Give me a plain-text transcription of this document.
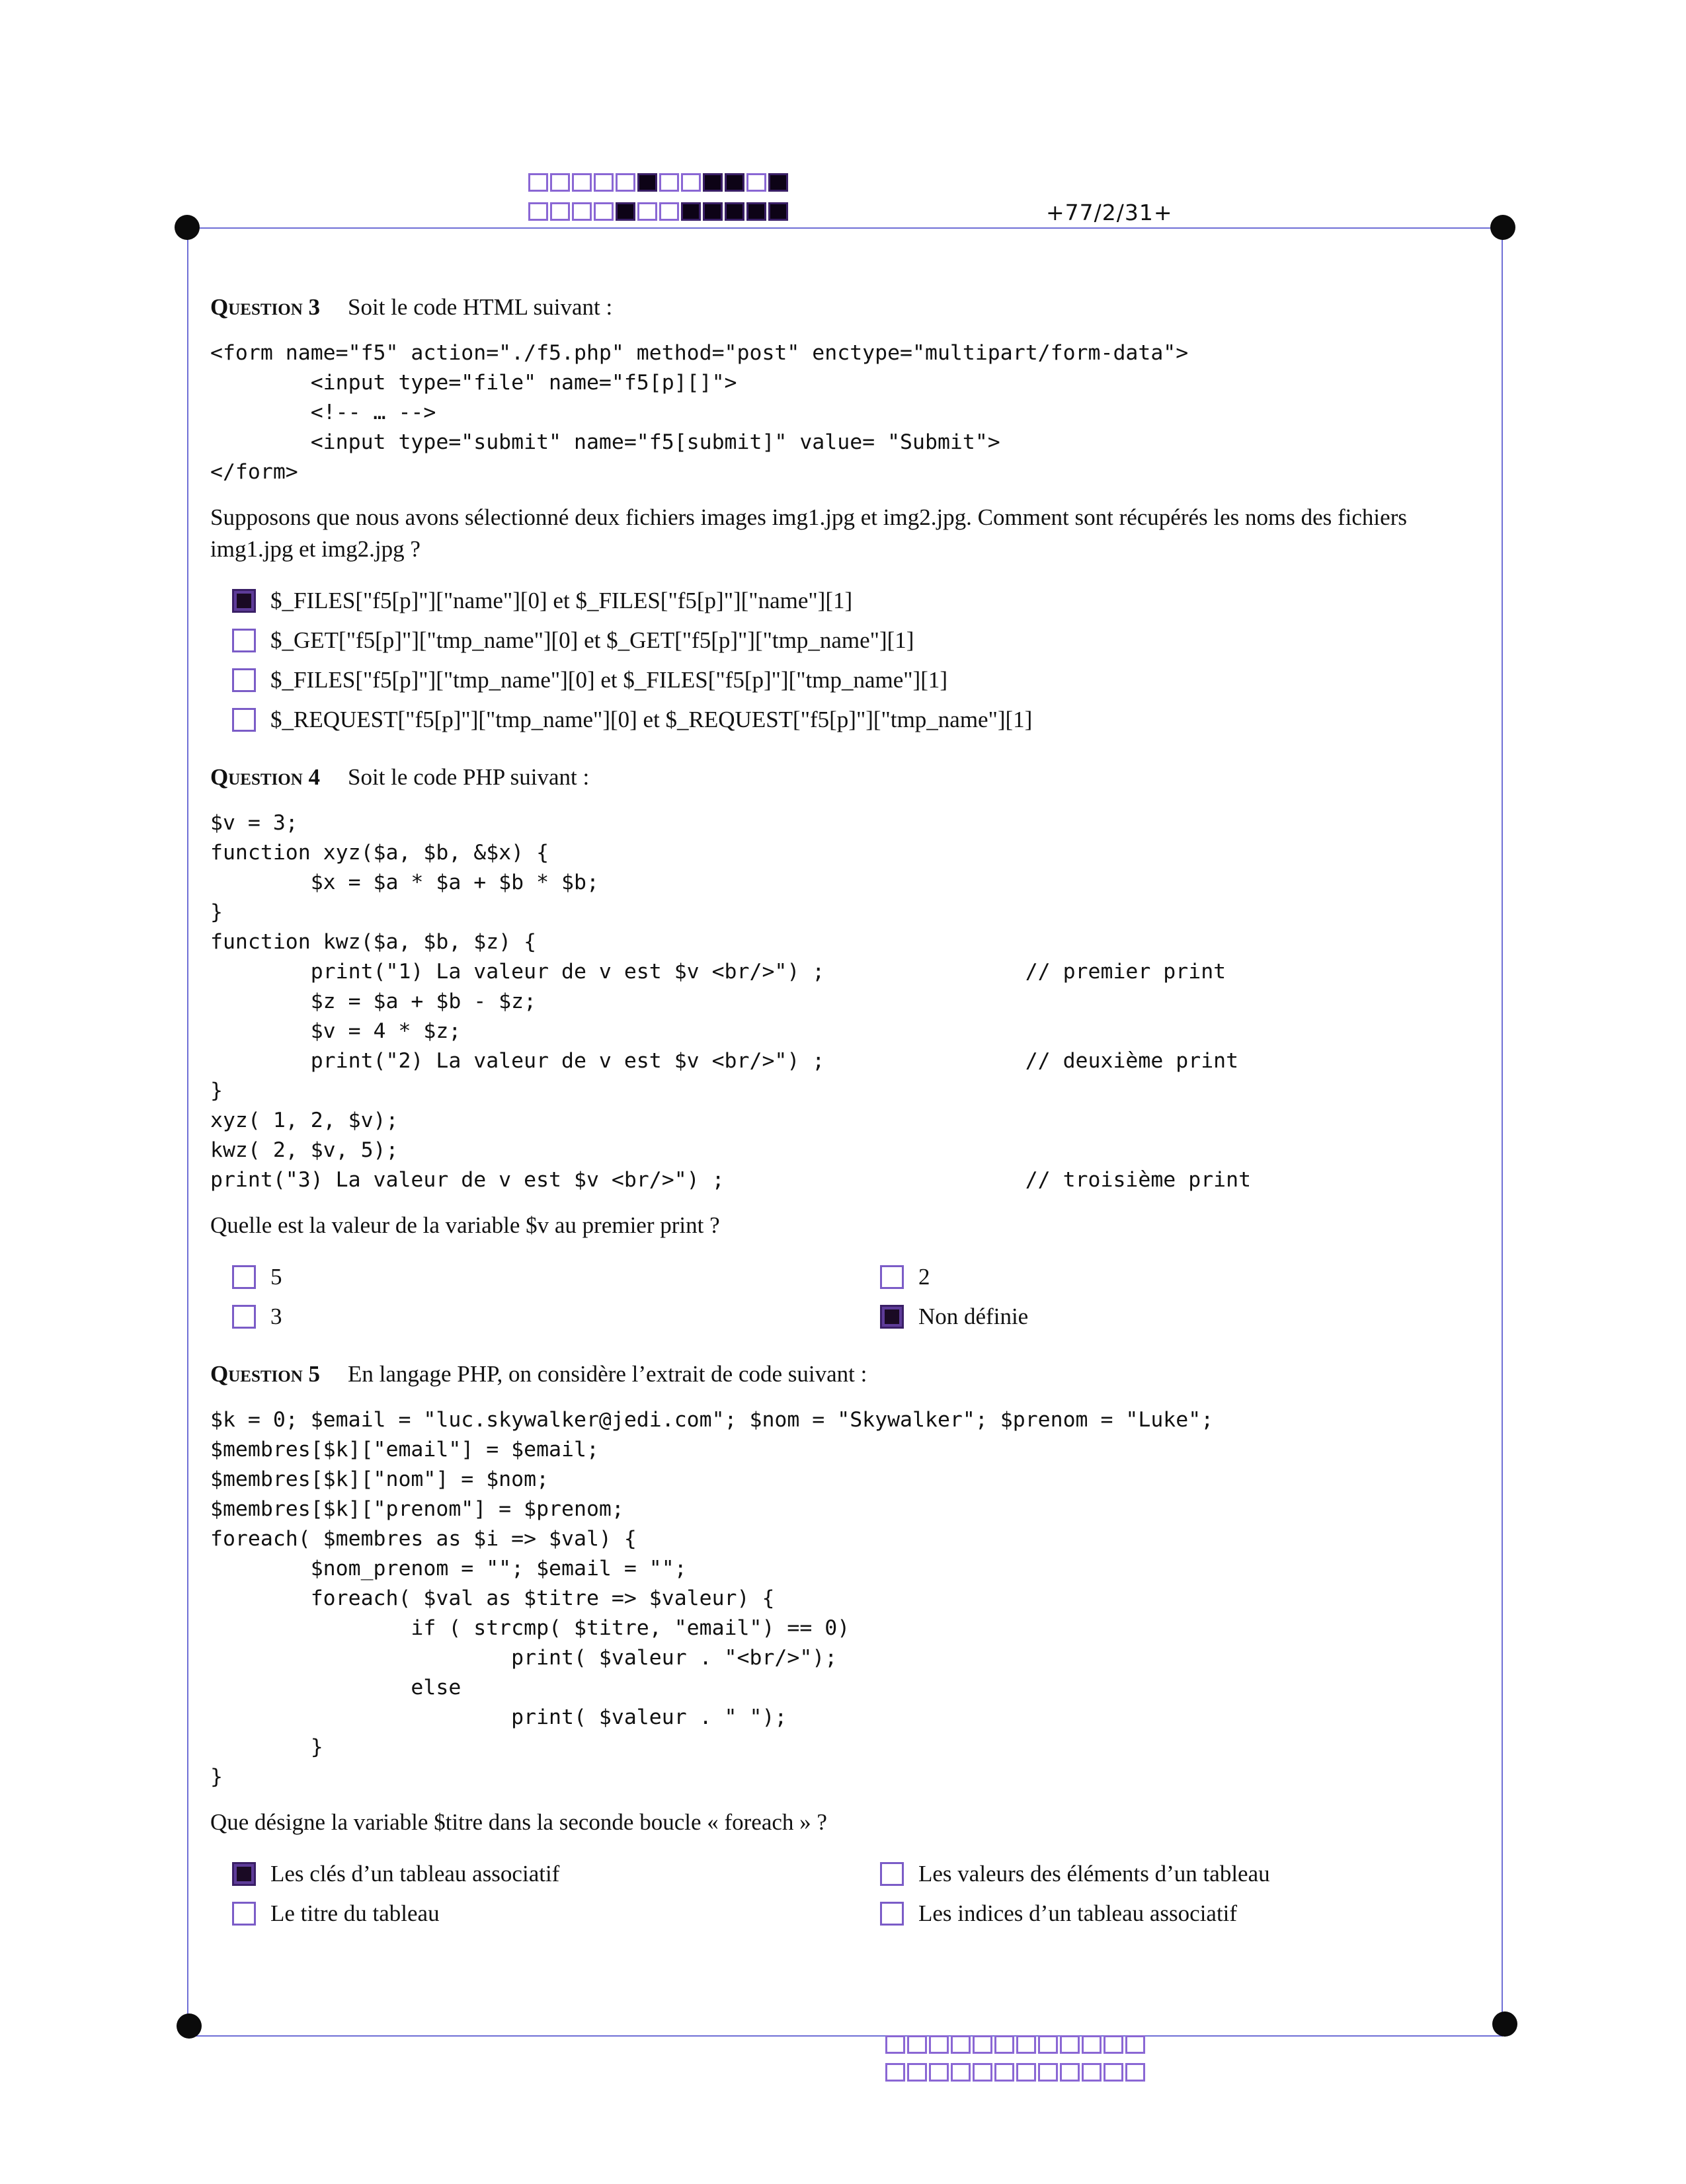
+77/2/31+
Question 3 Soit le code HTML suivant :
<form name="f5" action="./f5.php" method="post" enctype="multipart/form-data">
<input type="file" name="f5[p][]">
<!-- … -->
<input type="submit" name="f5[submit]" value= "Submit">
</form>
Supposons que nous avons sélectionné deux fichiers images img1.jpg et img2.jpg. Comment sont récupérés les noms des fichiers img1.jpg et img2.jpg ?
$_FILES["f5[p]"]["name"][0] et $_FILES["f5[p]"]["name"][1]
$_GET["f5[p]"]["tmp_name"][0] et $_GET["f5[p]"]["tmp_name"][1]
$_FILES["f5[p]"]["tmp_name"][0] et $_FILES["f5[p]"]["tmp_name"][1]
$_REQUEST["f5[p]"]["tmp_name"][0] et $_REQUEST["f5[p]"]["tmp_name"][1]
Question 4 Soit le code PHP suivant :
$v = 3;
function xyz($a, $b, &$x) {
$x = $a * $a + $b * $b;
}
function kwz($a, $b, $z) {
print("1) La valeur de v est $v <br/>") ;                // premier print
$z = $a + $b - $z;
$v = 4 * $z;
print("2) La valeur de v est $v <br/>") ;                // deuxième print
}
xyz( 1, 2, $v);
kwz( 2, $v, 5);
print("3) La valeur de v est $v <br/>") ;                        // troisième print
Quelle est la valeur de la variable $v au premier print ?
5	2
3	Non définie
Question 5 En langage PHP, on considère l’extrait de code suivant :
$k = 0; $email = "luc.skywalker@jedi.com"; $nom = "Skywalker"; $prenom = "Luke";
$membres[$k]["email"] = $email;
$membres[$k]["nom"] = $nom;
$membres[$k]["prenom"] = $prenom;
foreach( $membres as $i => $val) {
$nom_prenom = ""; $email = "";
foreach( $val as $titre => $valeur) {
if ( strcmp( $titre, "email") == 0)
print( $valeur . "<br/>");
else
print( $valeur . " ");
}
}
Que désigne la variable $titre dans la seconde boucle « foreach » ?
Les clés d’un tableau associatif	Les valeurs des éléments d’un tableau
Le titre du tableau	Les indices d’un tableau associatif
